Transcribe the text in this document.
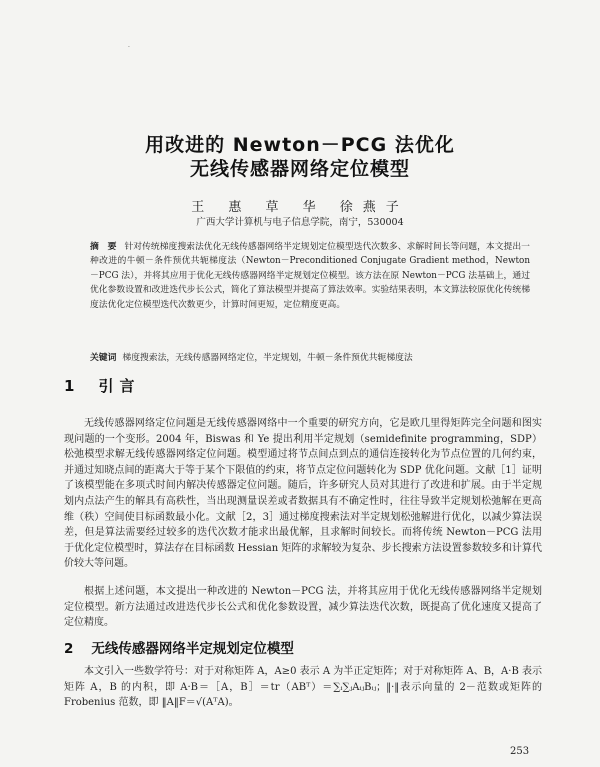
·
用改进的 Newton－PCG 法优化
无线传感器网络定位模型
王 惠 草 华 徐燕子
广西大学计算机与电子信息学院，南宁，530004
摘　要 针对传统梯度搜索法优化无线传感器网络半定规划定位模型迭代次数多、求解时间长等问题，本文提出一种改进的牛顿－条件预优共轭梯度法（Newton－Preconditioned Conjugate Gradient method，Newton－PCG 法），并将其应用于优化无线传感器网络半定规划定位模型。该方法在原 Newton－PCG 法基础上，通过优化参数设置和改进迭代步长公式，简化了算法模型并提高了算法效率。实验结果表明，本文算法较原优化传统梯度法优化定位模型迭代次数更少，计算时间更短，定位精度更高。
关键词 梯度搜索法，无线传感器网络定位，半定规划，牛顿－条件预优共轭梯度法
1 引言
无线传感器网络定位问题是无线传感器网络中一个重要的研究方向，它是欧几里得矩阵完全问题和图实现问题的一个变形。2004 年，Biswas 和 Ye 提出利用半定规划（semidefinite programming，SDP）松弛模型求解无线传感器网络定位问题。模型通过将节点间点到点的通信连接转化为节点位置的几何约束，并通过知晓点间的距离大于等于某个下限值的约束，将节点定位问题转化为 SDP 优化问题。文献［1］证明了该模型能在多项式时间内解决传感器定位问题。随后，许多研究人员对其进行了改进和扩展。由于半定规划内点法产生的解具有高秩性，当出现测量误差或者数据具有不确定性时，往往导致半定规划松弛解在更高维（秩）空间使目标函数最小化。文献［2，3］通过梯度搜索法对半定规划松弛解进行优化，以减少算法误差，但是算法需要经过较多的迭代次数才能求出最优解，且求解时间较长。而将传统 Newton－PCG 法用于优化定位模型时，算法存在目标函数 Hessian 矩阵的求解较为复杂、步长搜索方法设置参数较多和计算代价较大等问题。
根据上述问题，本文提出一种改进的 Newton－PCG 法，并将其应用于优化无线传感器网络半定规划定位模型。新方法通过改进迭代步长公式和优化参数设置，减少算法迭代次数，既提高了优化速度又提高了定位精度。
2 无线传感器网络半定规划定位模型
本文引入一些数学符号：对于对称矩阵 A，A≥0 表示 A 为半正定矩阵；对于对称矩阵 A、B，A·B 表示矩阵 A，B 的内积，即 A·B＝［A，B］＝tr（ABᵀ）＝∑ᵢ∑ⱼAᵢⱼBᵢⱼ；‖·‖表示向量的 2－范数或矩阵的 Frobenius 范数，即 ‖A‖F＝√(AᵀA)。
253
